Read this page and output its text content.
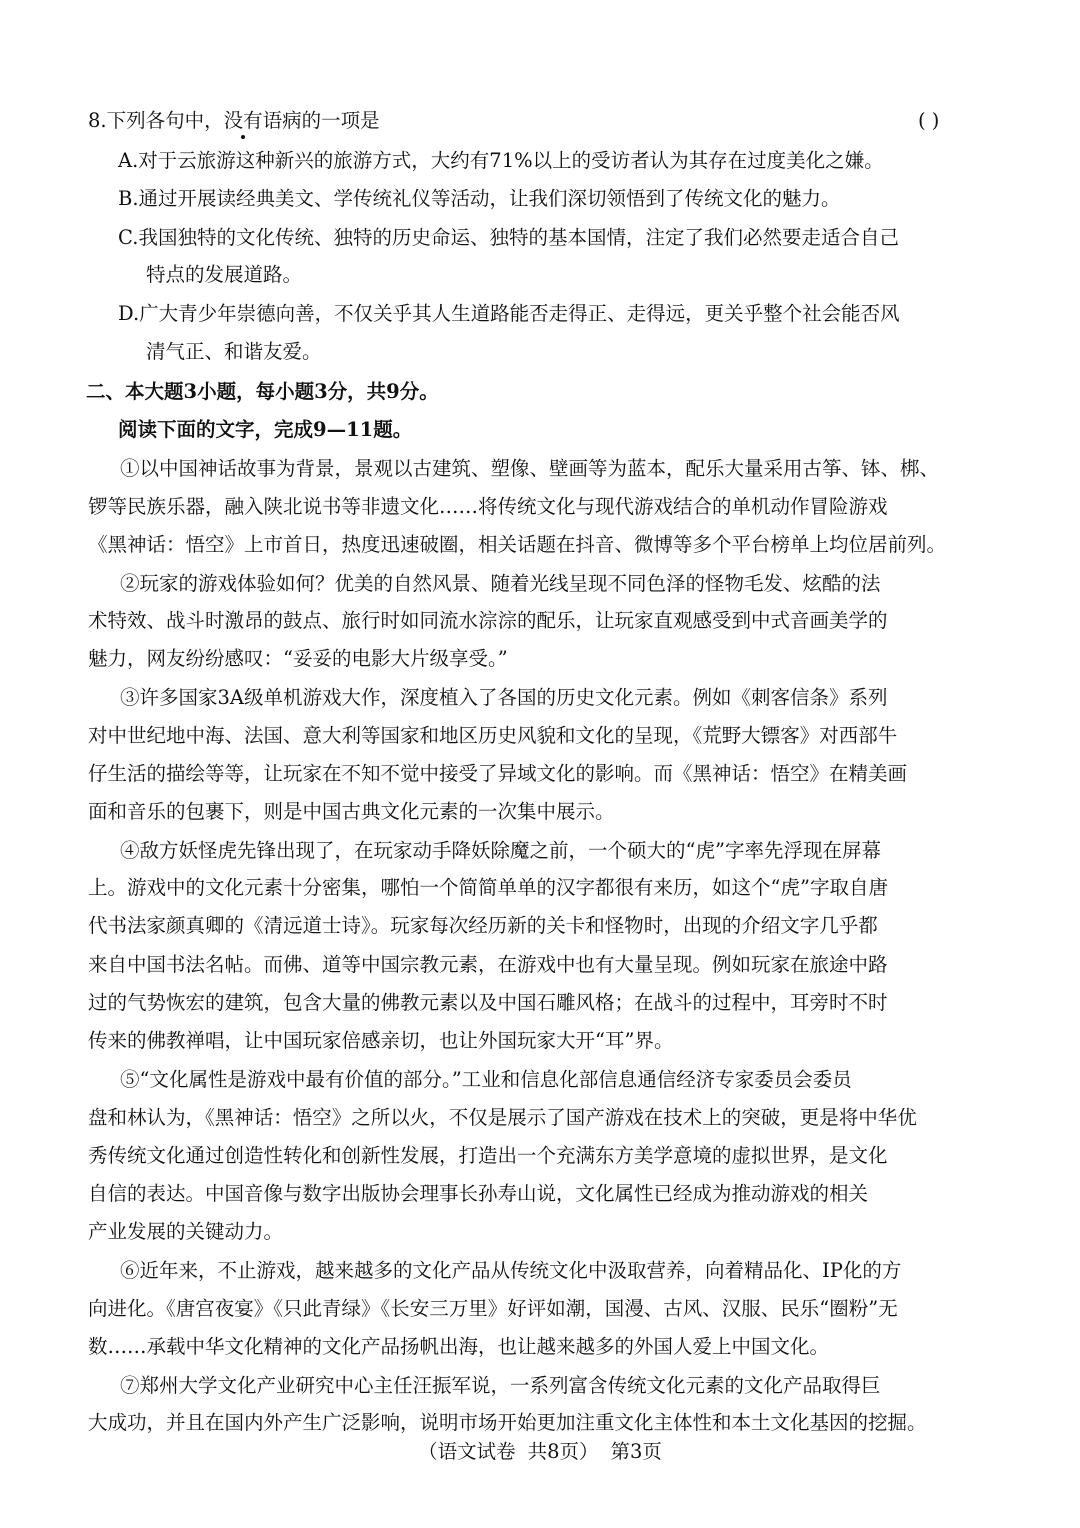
8.下列各句中，没有语病的一项是	( )
A.对于云旅游这种新兴的旅游方式，大约有71%以上的受访者认为其存在过度美化之嫌。
B.通过开展读经典美文、学传统礼仪等活动，让我们深切领悟到了传统文化的魅力。
C.我国独特的文化传统、独特的历史命运、独特的基本国情，注定了我们必然要走适合自己
特点的发展道路。
D.广大青少年崇德向善，不仅关乎其人生道路能否走得正、走得远，更关乎整个社会能否风
清气正、和谐友爱。
二、本大题3小题，每小题3分，共9分。
阅读下面的文字，完成9—11题。
①以中国神话故事为背景，景观以古建筑、塑像、壁画等为蓝本，配乐大量采用古筝、钵、梆、
锣等民族乐器，融入陕北说书等非遗文化……将传统文化与现代游戏结合的单机动作冒险游戏
《黑神话：悟空》上市首日，热度迅速破圈，相关话题在抖音、微博等多个平台榜单上均位居前列。
②玩家的游戏体验如何？优美的自然风景、随着光线呈现不同色泽的怪物毛发、炫酷的法
术特效、战斗时激昂的鼓点、旅行时如同流水淙淙的配乐，让玩家直观感受到中式音画美学的
魅力，网友纷纷感叹：“妥妥的电影大片级享受。”
③许多国家3A级单机游戏大作，深度植入了各国的历史文化元素。例如《刺客信条》系列
对中世纪地中海、法国、意大利等国家和地区历史风貌和文化的呈现，《荒野大镖客》对西部牛
仔生活的描绘等等，让玩家在不知不觉中接受了异域文化的影响。而《黑神话：悟空》在精美画
面和音乐的包裹下，则是中国古典文化元素的一次集中展示。
④敌方妖怪虎先锋出现了，在玩家动手降妖除魔之前，一个硕大的“虎”字率先浮现在屏幕
上。游戏中的文化元素十分密集，哪怕一个简简单单的汉字都很有来历，如这个“虎”字取自唐
代书法家颜真卿的《清远道士诗》。玩家每次经历新的关卡和怪物时，出现的介绍文字几乎都
来自中国书法名帖。而佛、道等中国宗教元素，在游戏中也有大量呈现。例如玩家在旅途中路
过的气势恢宏的建筑，包含大量的佛教元素以及中国石雕风格；在战斗的过程中，耳旁时不时
传来的佛教禅唱，让中国玩家倍感亲切，也让外国玩家大开“耳”界。
⑤“文化属性是游戏中最有价值的部分。”工业和信息化部信息通信经济专家委员会委员
盘和林认为，《黑神话：悟空》之所以火，不仅是展示了国产游戏在技术上的突破，更是将中华优
秀传统文化通过创造性转化和创新性发展，打造出一个充满东方美学意境的虚拟世界，是文化
自信的表达。中国音像与数字出版协会理事长孙寿山说，文化属性已经成为推动游戏的相关
产业发展的关键动力。
⑥近年来，不止游戏，越来越多的文化产品从传统文化中汲取营养，向着精品化、IP化的方
向进化。《唐宫夜宴》《只此青绿》《长安三万里》好评如潮，国漫、古风、汉服、民乐“圈粉”无
数……承载中华文化精神的文化产品扬帆出海，也让越来越多的外国人爱上中国文化。
⑦郑州大学文化产业研究中心主任汪振军说，一系列富含传统文化元素的文化产品取得巨
大成功，并且在国内外产生广泛影响，说明市场开始更加注重文化主体性和本土文化基因的挖掘。
（语文试卷 共8页） 第3页
